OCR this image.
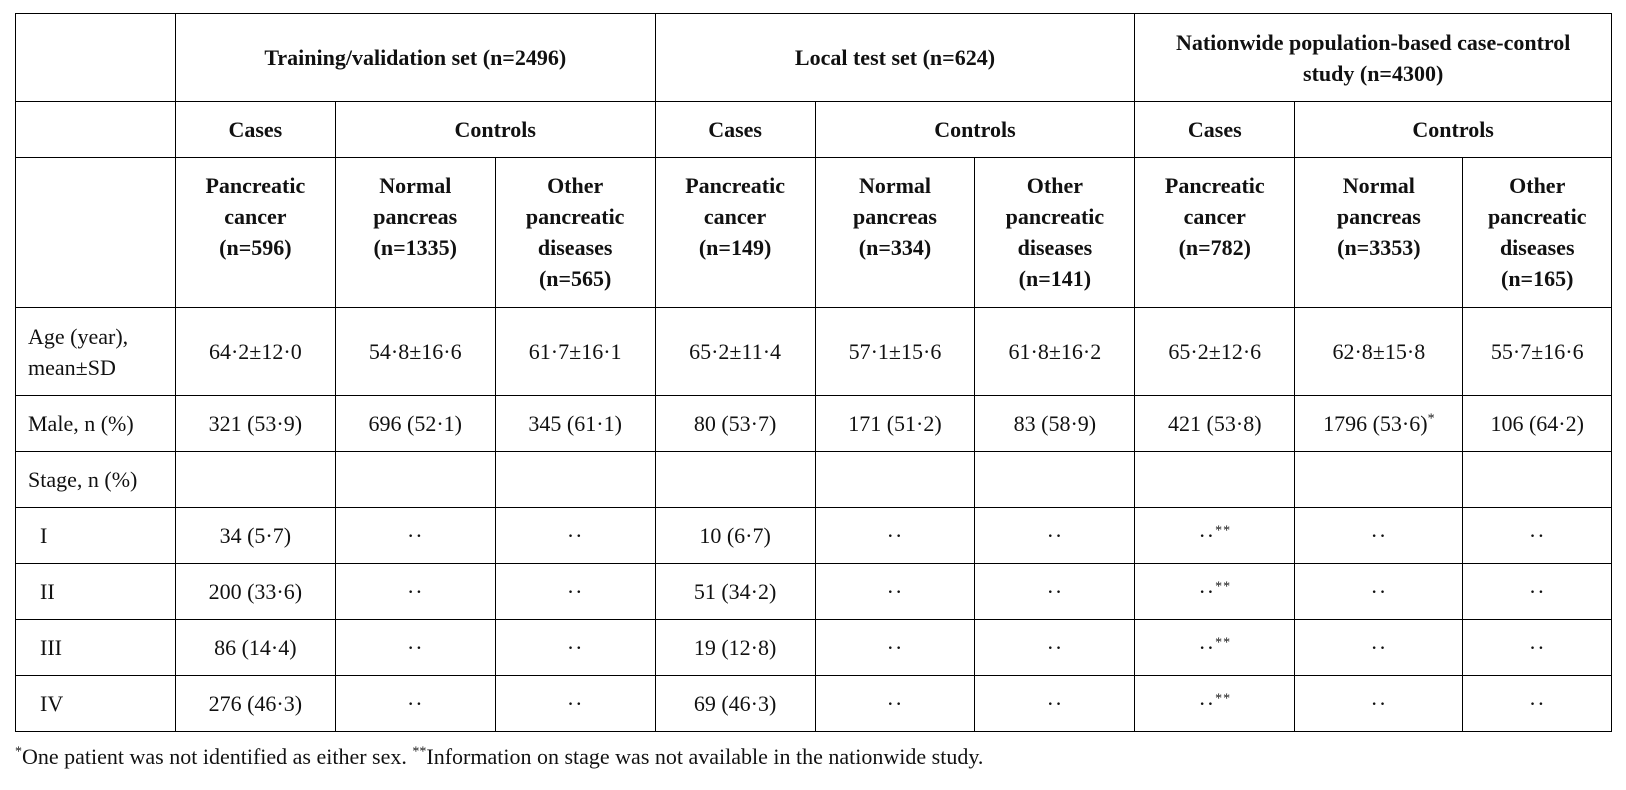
	Training/validation set (n=2496)			Local test set (n=624)			Nationwide population-based case-control study (n=4300)		
	Cases	Controls		Cases	Controls		Cases	Controls	
	Pancreatic
cancer
(n=596)	Normal
pancreas
(n=1335)	Other
pancreatic
diseases
(n=565)	Pancreatic
cancer
(n=149)	Normal
pancreas
(n=334)	Other
pancreatic
diseases
(n=141)	Pancreatic
cancer
(n=782)	Normal
pancreas
(n=3353)	Other
pancreatic
diseases
(n=165)
Age (year),
mean±SD	64·2±12·0	54·8±16·6	61·7±16·1	65·2±11·4	57·1±15·6	61·8±16·2	65·2±12·6	62·8±15·8	55·7±16·6
Male, n (%)	321 (53·9)	696 (52·1)	345 (61·1)	80 (53·7)	171 (51·2)	83 (58·9)	421 (53·8)	1796 (53·6)*	106 (64·2)
Stage, n (%)									
I	34 (5·7)	··	··	10 (6·7)	··	··	··**	··	··
II	200 (33·6)	··	··	51 (34·2)	··	··	··**	··	··
III	86 (14·4)	··	··	19 (12·8)	··	··	··**	··	··
IV	276 (46·3)	··	··	69 (46·3)	··	··	··**	··	··
*One patient was not identified as either sex. **Information on stage was not available in the nationwide study.
